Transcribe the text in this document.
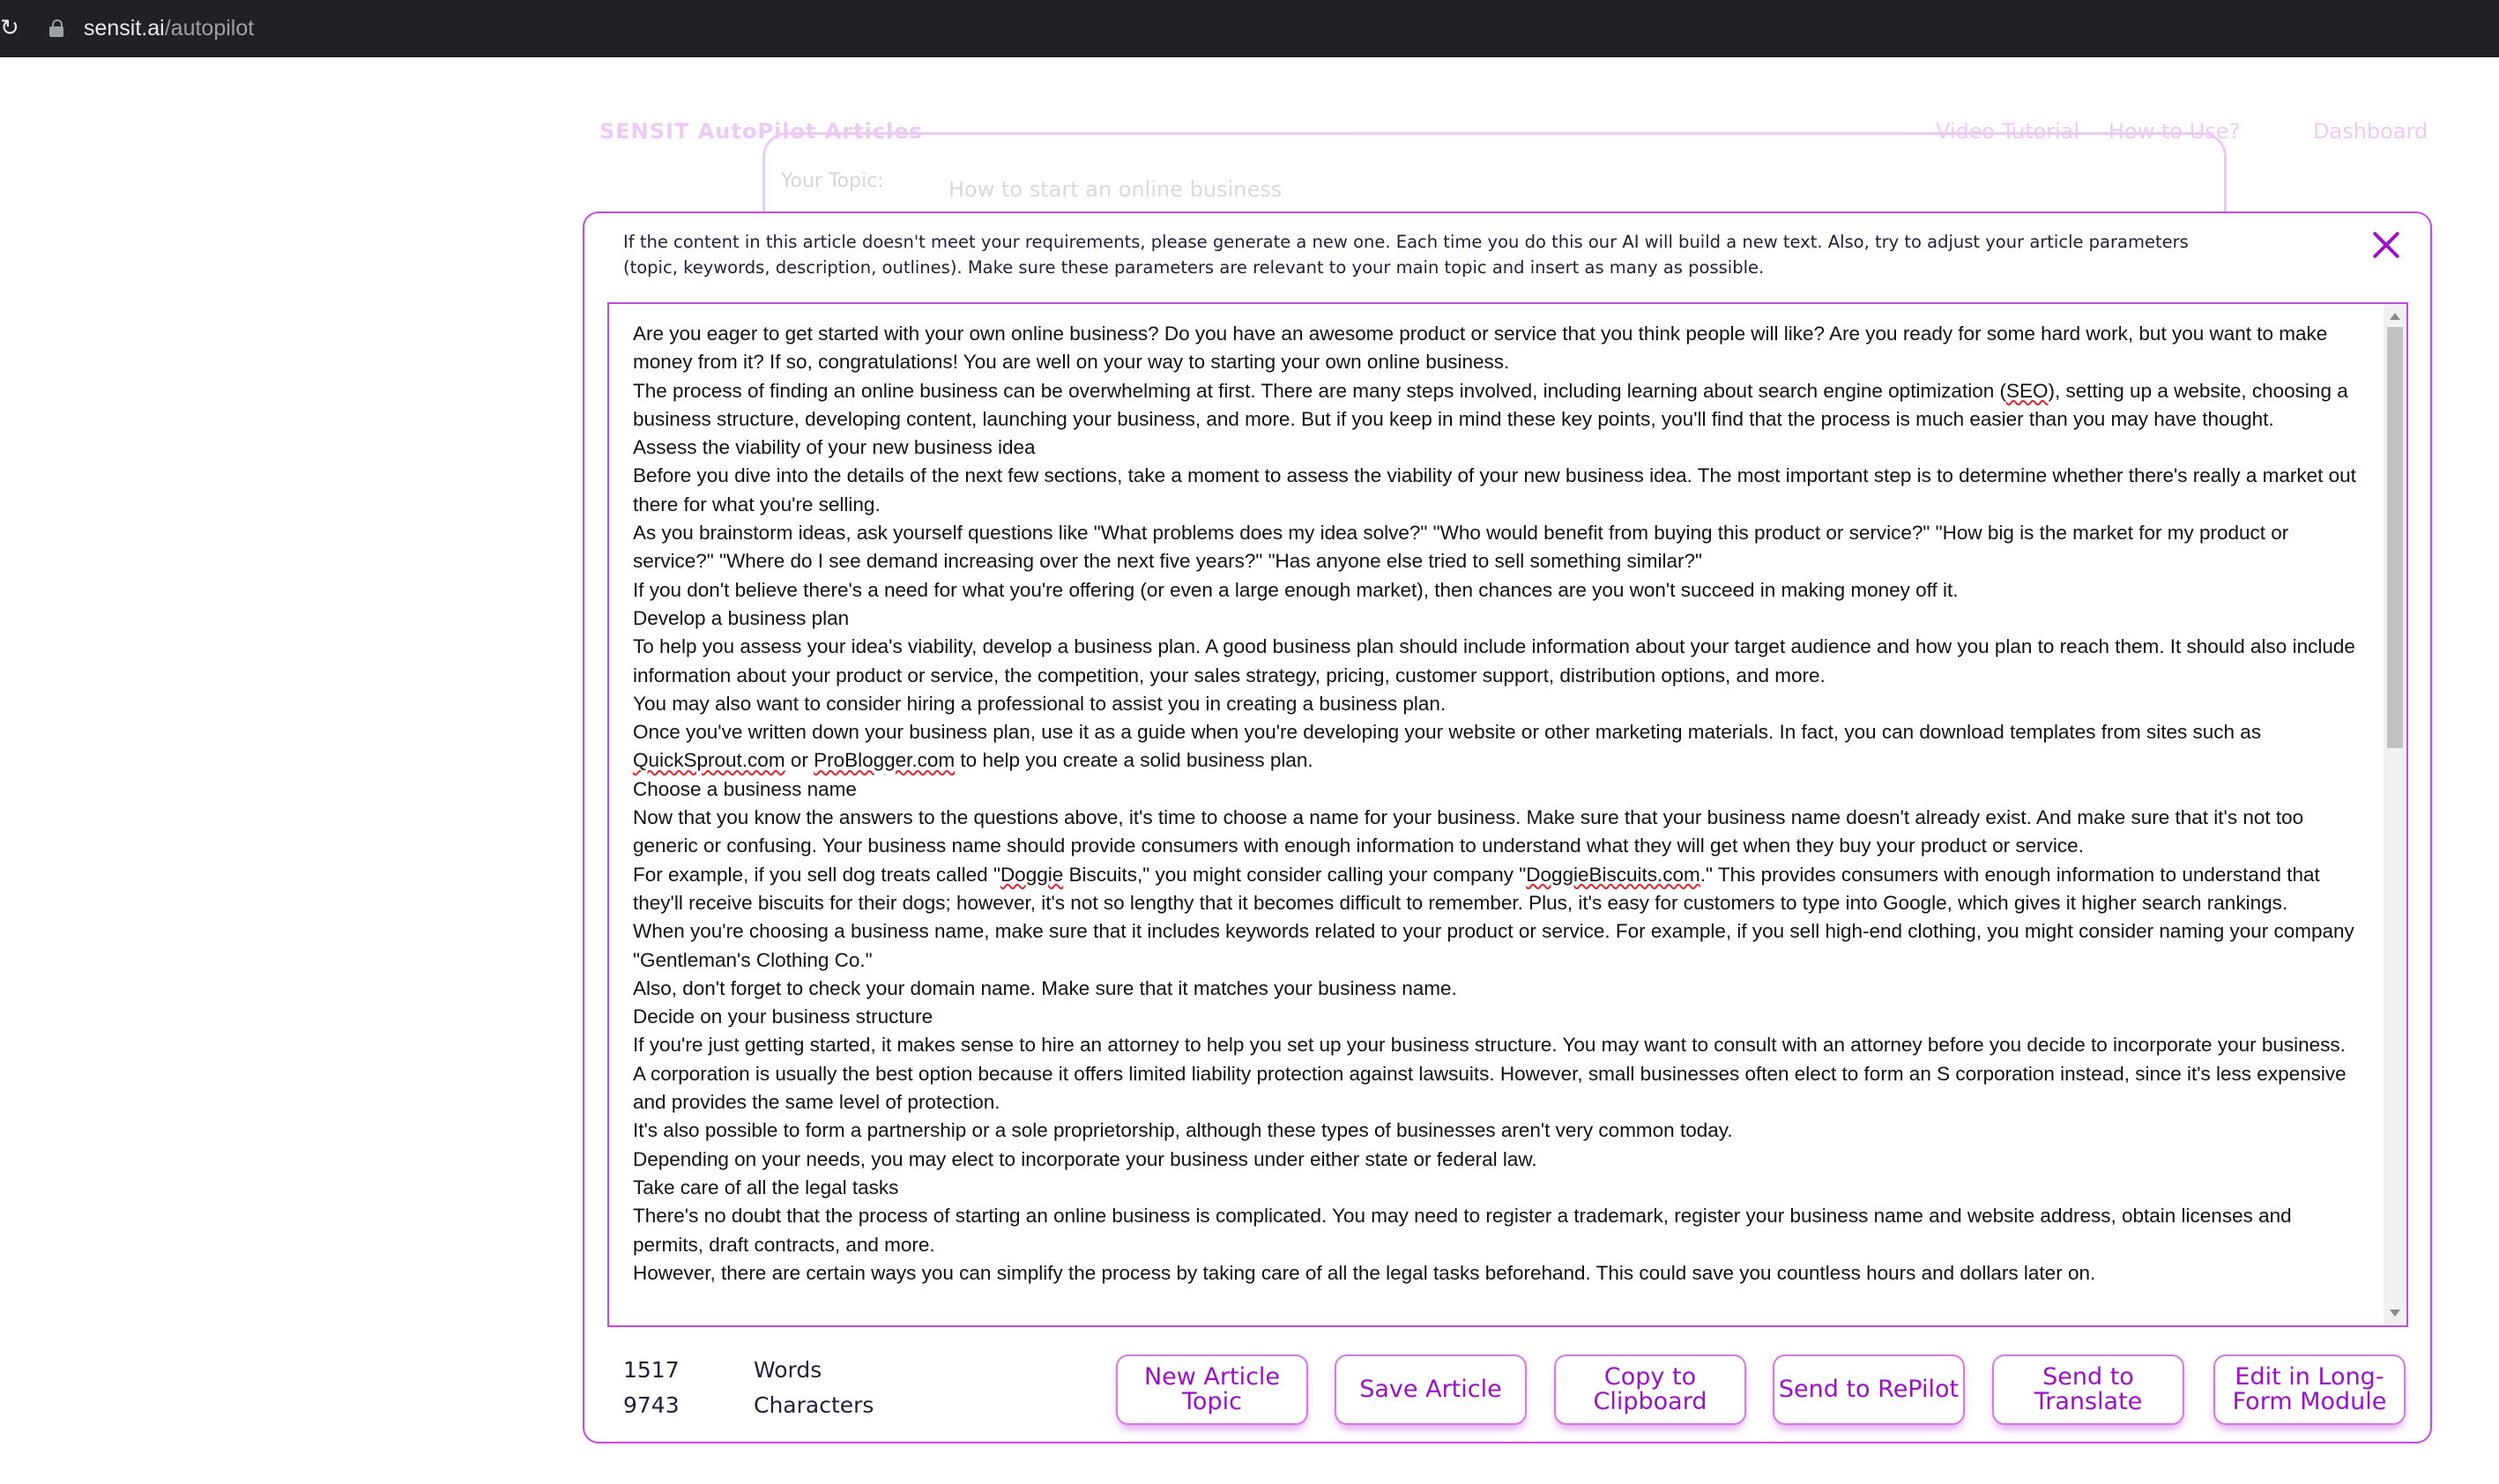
↻	sensit.ai/autopilot
SENSIT AutoPilot Articles	Video Tutorial How to Use?	Dashboard
Your Topic:	How to start an online business
If the content in this article doesn't meet your requirements, please generate a new one. Each time you do this our AI will build a new text. Also, try to adjust your article parameters
(topic, keywords, description, outlines). Make sure these parameters are relevant to your main topic and insert as many as possible.

Are you eager to get started with your own online business? Do you have an awesome product or service that you think people will like? Are you ready for some hard work, but you want to make money from it? If so, congratulations! You are well on your way to starting your own online business.

The process of finding an online business can be overwhelming at first. There are many steps involved, including learning about search engine optimization (SEO), setting up a website, choosing a business structure, developing content, launching your business, and more. But if you keep in mind these key points, you'll find that the process is much easier than you may have thought.

Assess the viability of your new business idea

Before you dive into the details of the next few sections, take a moment to assess the viability of your new business idea. The most important step is to determine whether there's really a market out there for what you're selling.

As you brainstorm ideas, ask yourself questions like "What problems does my idea solve?" "Who would benefit from buying this product or service?" "How big is the market for my product or service?" "Where do I see demand increasing over the next five years?" "Has anyone else tried to sell something similar?"

If you don't believe there's a need for what you're offering (or even a large enough market), then chances are you won't succeed in making money off it.

Develop a business plan

To help you assess your idea's viability, develop a business plan. A good business plan should include information about your target audience and how you plan to reach them. It should also include information about your product or service, the competition, your sales strategy, pricing, customer support, distribution options, and more.

You may also want to consider hiring a professional to assist you in creating a business plan.

Once you've written down your business plan, use it as a guide when you're developing your website or other marketing materials. In fact, you can download templates from sites such as QuickSprout.com or ProBlogger.com to help you create a solid business plan.

Choose a business name

Now that you know the answers to the questions above, it's time to choose a name for your business. Make sure that your business name doesn't already exist. And make sure that it's not too generic or confusing. Your business name should provide consumers with enough information to understand what they will get when they buy your product or service.

For example, if you sell dog treats called "Doggie Biscuits," you might consider calling your company "DoggieBiscuits.com." This provides consumers with enough information to understand that they'll receive biscuits for their dogs; however, it's not so lengthy that it becomes difficult to remember. Plus, it's easy for customers to type into Google, which gives it higher search rankings.

When you're choosing a business name, make sure that it includes keywords related to your product or service. For example, if you sell high-end clothing, you might consider naming your company "Gentleman's Clothing Co."

Also, don't forget to check your domain name. Make sure that it matches your business name.

Decide on your business structure

If you're just getting started, it makes sense to hire an attorney to help you set up your business structure. You may want to consult with an attorney before you decide to incorporate your business.

A corporation is usually the best option because it offers limited liability protection against lawsuits. However, small businesses often elect to form an S corporation instead, since it's less expensive and provides the same level of protection.

It's also possible to form a partnership or a sole proprietorship, although these types of businesses aren't very common today.

Depending on your needs, you may elect to incorporate your business under either state or federal law.

Take care of all the legal tasks

There's no doubt that the process of starting an online business is complicated. You may need to register a trademark, register your business name and website address, obtain licenses and permits, draft contracts, and more.

However, there are certain ways you can simplify the process by taking care of all the legal tasks beforehand. This could save you countless hours and dollars later on.

1517	Words
9743	Characters
New Article Topic	Save Article	Copy to Clipboard	Send to RePilot	Send to Translate
Edit in Long-
Form Module
